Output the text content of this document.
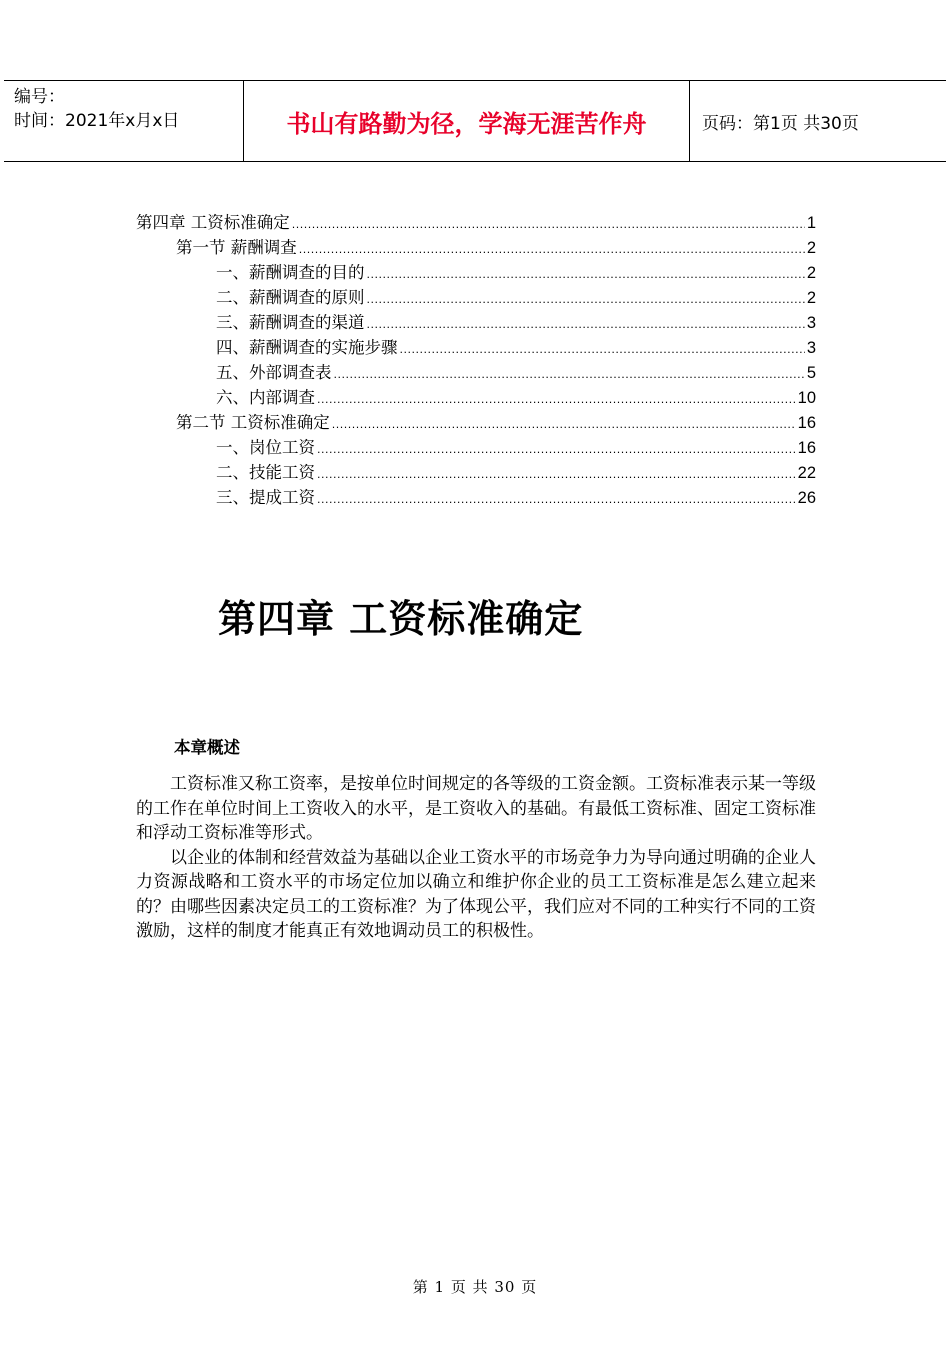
编号：
时间：2021年x月x日	书山有路勤为径，学海无涯苦作舟	页码：第1页 共30页
第四章 工资标准确定 .....	1
第一节 薪酬调查 .....	2
一、薪酬调查的目的 .....	2
二、薪酬调查的原则 .....	2
三、薪酬调查的渠道 .....	3
四、薪酬调查的实施步骤 .....	3
五、外部调查表 .....	5
六、内部调查 .....	10
第二节 工资标准确定 .....	16
一、岗位工资 .....	16
二、技能工资 .....	22
三、提成工资 .....	26
第四章 工资标准确定
本章概述

工资标准又称工资率，是按单位时间规定的各等级的工资金额。工资标准表示某一等级的工作在单位时间上工资收入的水平，是工资收入的基础。有最低工资标准、固定工资标准和浮动工资标准等形式。

以企业的体制和经营效益为基础以企业工资水平的市场竞争力为导向通过明确的企业人力资源战略和工资水平的市场定位加以确立和维护你企业的员工工资标准是怎么建立起来的？由哪些因素决定员工的工资标准？为了体现公平，我们应对不同的工种实行不同的工资激励，这样的制度才能真正有效地调动员工的积极性。

第 1 页 共 30 页
